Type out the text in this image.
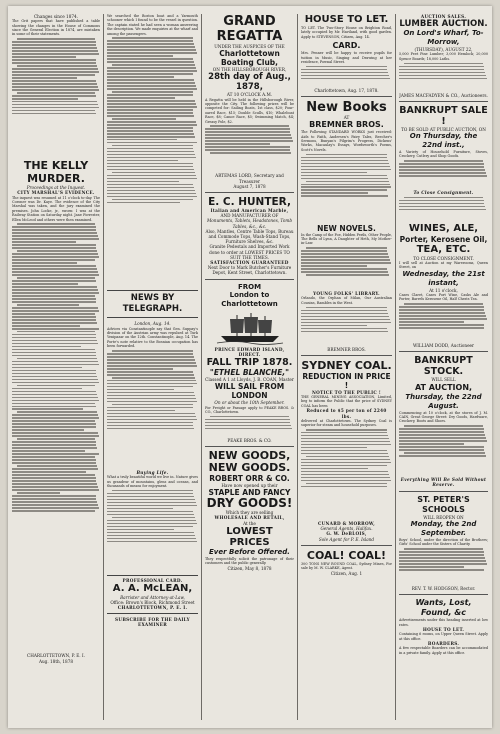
Changes since 1874.
The Grit papers that have published a table showing the changes in the House of Commons since the General Election in 1874, are mistaken in some of their statements.
THE KELLY MURDER.
Proceedings at the Inquest.
CITY MARSHAL'S EVIDENCE.
The inquest was resumed at 11 o'clock to-day. The Coroner was Dr. Kaye. The evidence of the City Marshal was taken, and the jury examined the premises. John Locke, jr., sworn: I was at the Railway Station on Saturday night. Jane Forrester, Ellen McLeod and others were then examined.
CHARLOTTETOWN, P. E. I.
Aug. 18th, 1878
We searched the Boston boat and a Yarmouth schooner which I found to be the vessel in question. The captain stated he had seen a woman answering the description. We made enquiries at the wharf and among the passengers.
NEWS BY TELEGRAPH.
London, Aug. 14.
Advices via Constantinople say that Gen. Suppay's division of the Austrian army was repulsed at Turk Yenipazar on the 12th. Constantinople, Aug. 14. The Porte's note relative to the Bosnian occupation has been forwarded.
Buying Life.
What a truly beautiful world we live in. Nature gives us grandeur of mountains, glens and oceans, and thousands of means for enjoyment.
PROFESSIONAL CARD.
A. A. McLEAN,
Barrister and Attorney-at-Law,
Office: Brown's Block, Richmond Street
CHARLOTTETOWN, P. E. I.
SUBSCRIBE FOR THE DAILY EXAMINER
GRAND REGATTA
UNDER THE AUSPICES OF THE
Charlottetown Boating Club,
ON THE HILLSBOROUGH RIVER,
28th day of Aug., 1878,
AT 10 O'CLOCK A.M.
A Regatta will be held in the Hillsborough River, opposite the City. The following prizes will be competed for: Sailing Boats, 1st class, $20; Four-oared Race, $15; Double Sculls, $10; Whaleboat Race, $8; Canoe Race, $5; Swimming Match, $4; Greasy Pole, $2.
ARTEMAS LORD, Secretary and Treasurer
August 7, 1878
E. C. HUNTER,
Italian and American Marble,
AND MANUFACTURER OF
Monuments, Tablets, Headstones, Tomb Tables, &c., &c.
Also, Mantles, Centre Table Tops, Bureau and Commode Tops, Wash-Stand Tops, Furniture Shelves, &c.
Granite Pedestals and Imported Work done to order at LOWEST PRICES TO SUIT THE TIMES.
SATISFACTION GUARANTEED
Next Door to Mark Butcher's Furniture Depot, Kent Street, Charlottetown.
FROM
London to Charlottetown
PRINCE EDWARD ISLAND, DIRECT.
FALL TRIP 1878.
"ETHEL BLANCHE,"
Classed A 1 at Lloyds, J. B. COAN, Master
WILL SAIL FROM LONDON
On or about the 10th September.
For Freight or Passage apply to PEAKE BROS. & CO., Charlottetown.
PEAKE BROS. & CO.
NEW GOODS,
NEW GOODS.
ROBERT ORR & CO.
Have now opened up their
STAPLE AND FANCY
DRY GOODS!
Which they are selling
WHOLESALE AND RETAIL,
At the
LOWEST PRICES
Ever Before Offered.
They respectfully solicit the patronage of their customers and the public generally.
Citizen, May 8, 1878
HOUSE TO LET.
TO LET. The Two-Story House on Brighton Road, lately occupied by Mr. Haviland, with good garden. Apply to STEVENSON, Citizen, Aug. 14.
CARD.
Mrs. Penner will be happy to receive pupils for tuition in Music, Singing and Drawing at her residence, Pownal Street.
Charlottetown, Aug. 17, 1878.
New Books
AT
BREMNER BROS.
The Following STANDARD WORKS just received: Aids to Faith, Andersen's Fairy Tales, Beecher's Sermons, Bunyan's Pilgrim's Progress, Dickens' Works, Macaulay's Essays, Wordsworth's Poems, Scott's Novels.
NEW NOVELS.
In the Camp of the Foe, Hidden Perils, Other People, The Bells of Lynn, A Daughter of Heth, My Mother-in-Law.
YOUNG FOLKS' LIBRARY.
Orlando, the Orphan of Milan, Our Australian Cousins, Rambles in the West.
BREMNER BROS.
SYDNEY COAL.
REDUCTION IN PRICE !
NOTICE TO THE PUBLIC !
THE GENERAL MINING ASSOCIATION, Limited, beg to inform the Public that the price of SYDNEY COAL has been
Reduced to $5 per ton of 2240 lbs.
delivered at Charlottetown. The Sydney Coal is superior for steam and household purposes.
CUNARD & MORROW,
General Agents, Halifax.
G. W. DeBLOIS,
Sole Agent for P. E. Island
COAL! COAL!
300 TONS NEW ROUND COAL, Sydney Mines, For sale by M. W. CLARKE, Agent.
Citizen, Aug. 1
AUCTION SALES.
LUMBER AUCTION.
On Lord's Wharf, To-Morrow,
(THURSDAY), AUGUST 22,
5,000 Feet Pine Lumber; 3,000 Hemlock; 20,000 Spruce Boards; 18,000 Laths.
JAMES MACFADYEN & CO., Auctioneers.
BANKRUPT SALE !
TO BE SOLD AT PUBLIC AUCTION, ON
On Thursday, the 22nd inst.,
A Variety of Household Furniture, Stoves, Crockery, Cutlery and Shop Goods.
To Close Consignment.
WINES, ALE,
Porter, Kerosene Oil,
TEA, ETC.
TO CLOSE CONSIGNMENT.
I will sell at Auction at my Warerooms, Queen Street, on
Wednesday, the 21st instant,
At 11 o'clock,
Cases Claret, Cases Port Wine, Casks Ale and Porter, Barrels Kerosene Oil, Half Chests Tea.
WILLIAM DODD, Auctioneer
BANKRUPT STOCK.
WILL SELL
AT AUCTION,
Thursday, the 22nd August.
Commencing at 10 o'clock, at the stores of J. M. CAIN, Great George Street: Dry Goods, Hardware, Crockery, Boots and Shoes.
Everything Will Be Sold Without Reserve.
ST. PETER'S SCHOOLS
WILL REOPEN ON
Monday, the 2nd September.
Boys' School, under the direction of the Brothers; Girls' School under the Sisters of Charity.
REV. T. W. HODGSON, Rector.
Wants, Lost, Found, &c
Advertisements under this heading inserted at low rates.
HOUSE TO LET.
Containing 6 rooms, on Upper Queen Street. Apply at this office.
BOARDERS.
A few respectable Boarders can be accommodated in a private family. Apply at this office.
